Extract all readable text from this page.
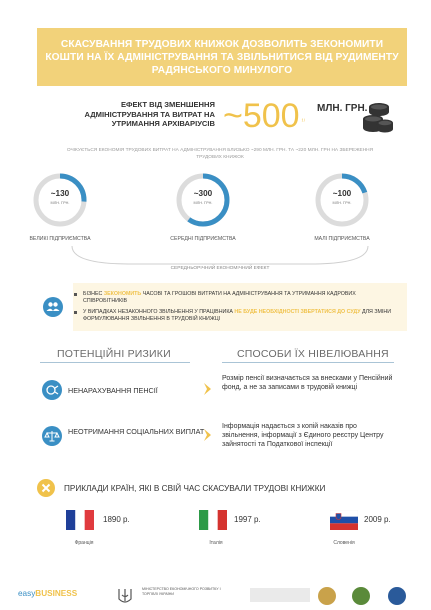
СКАСУВАННЯ ТРУДОВИХ КНИЖОК ДОЗВОЛИТЬ ЗЕКОНОМИТИ КОШТИ НА ЇХ АДМІНІСТРУВАННЯ ТА ЗВІЛЬНИТИСЯ ВІД РУДИМЕНТУ РАДЯНСЬКОГО МИНУЛОГО
ЕФЕКТ ВІД ЗМЕНШЕННЯ АДМІНІСТРУВАННЯ ТА ВИТРАТ НА УТРИМАННЯ АРХІВАРІУСІВ ~500 $^{^{1)}}$
МЛН. ГРН.
ОЧІКУЄТЬСЯ ЕКОНОМІЯ ТРУДОВИХ ВИТРАТ НА АДМІНІСТРУВАННЯ БЛИЗЬКО ~290 МЛН. ГРН. ТА ~220 МЛН. ГРН НА ЗБЕРЕЖЕННЯ ТРУДОВИХ КНИЖОК
~130
МЛН. ГРН.
ВЕЛИКІ ПІДПРИЄМСТВА
~300
МЛН. ГРН.
СЕРЕДНІ ПІДПРИЄМСТВА
~100
МЛН. ГРН.
МАЛІ ПІДПРИЄМСТВА
СЕРЕДНЬОРІЧНИЙ ЕКОНОМІЧНИЙ ЕФЕКТ
БІЗНЕС ЗЕКОНОМИТЬ ЧАСОВІ ТА ГРОШОВІ ВИТРАТИ НА АДМІНІСТРУВАННЯ ТА УТРИМАННЯ КАДРОВИХ СПІВРОБІТНИКІВ
У ВИПАДКАХ НЕЗАКОННОГО ЗВІЛЬНЕННЯ У ПРАЦІВНИКА НЕ БУДЕ НЕОБХІДНОСТІ ЗВЕРТАТИСЯ ДО СУДУ ДЛЯ ЗМІНИ ФОРМУЛЮВАННЯ ЗВІЛЬНЕННЯ В ТРУДОВІЙ КНИЖЦІ
ПОТЕНЦІЙНІ РИЗИКИ	СПОСОБИ ЇХ НІВЕЛЮВАННЯ
НЕНАРАХУВАННЯ ПЕНСІЇ
Розмір пенсії визначається за внесками у Пенсійний фонд, а не за записами в трудовій книжці
НЕОТРИМАННЯ СОЦІАЛЬНИХ ВИПЛАТ
Інформація надається з копій наказів про звільнення, інформації з Єдиного реєстру Центру зайнятості та Податкової інспекції
ПРИКЛАДИ КРАЇН, ЯКІ В СВІЙ ЧАС СКАСУВАЛИ ТРУДОВІ КНИЖКИ
1890 р.
Франція
1997 р.
Італія
2009 р.
Словенія
easyBUSINESS	МІНІСТЕРСТВО ЕКОНОМІЧНОГО РОЗВИТКУ І ТОРГІВЛІ УКРАЇНИ
